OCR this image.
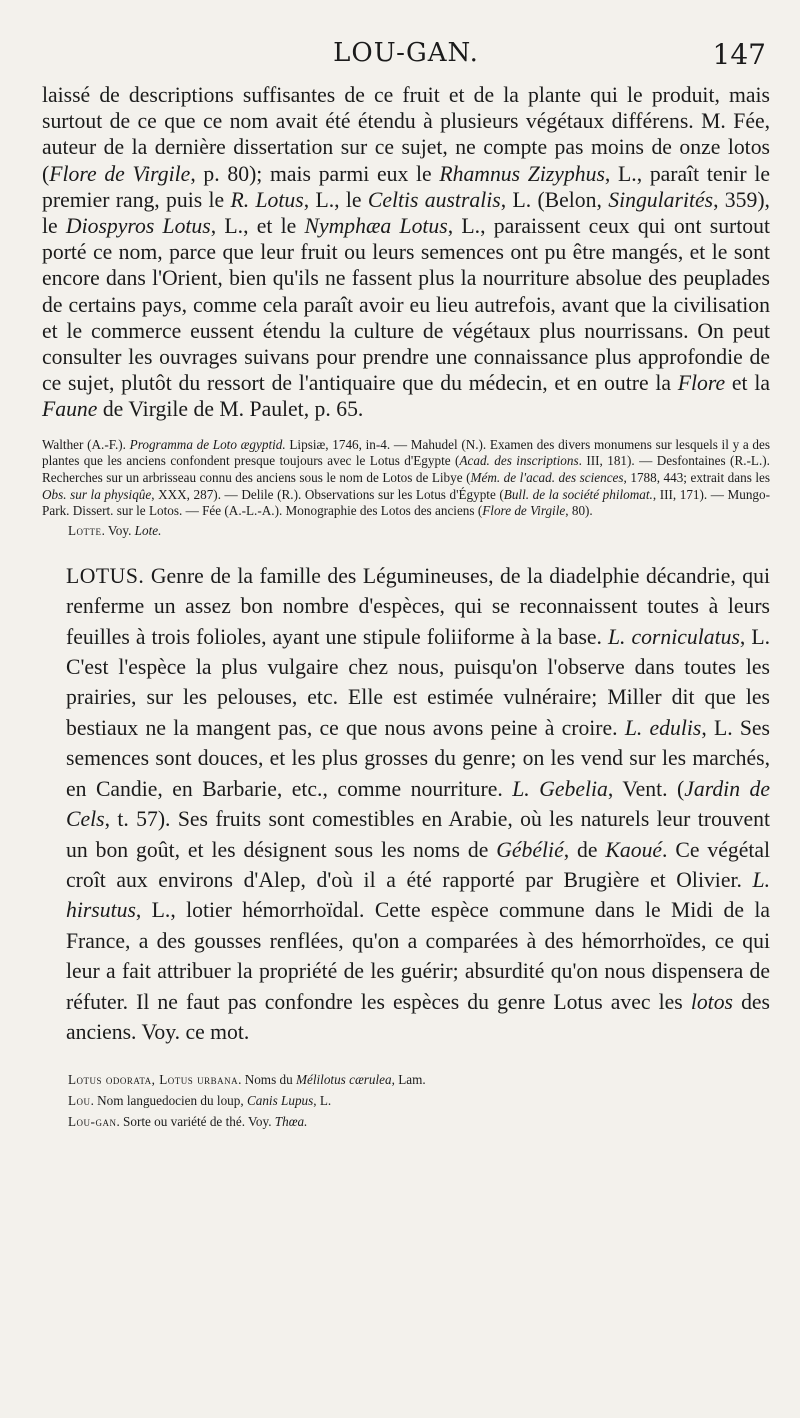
LOU-GAN.	147

laissé de descriptions suffisantes de ce fruit et de la plante qui le produit, mais surtout de ce que ce nom avait été étendu à plusieurs végétaux différens. M. Fée, auteur de la dernière dissertation sur ce sujet, ne compte pas moins de onze lotos (Flore de Virgile, p. 80); mais parmi eux le Rhamnus Zizyphus, L., paraît tenir le premier rang, puis le R. Lotus, L., le Celtis australis, L. (Belon, Singularités, 359), le Diospyros Lotus, L., et le Nymphæa Lotus, L., paraissent ceux qui ont surtout porté ce nom, parce que leur fruit ou leurs semences ont pu être mangés, et le sont encore dans l'Orient, bien qu'ils ne fassent plus la nourriture absolue des peuplades de certains pays, comme cela paraît avoir eu lieu autrefois, avant que la civilisation et le commerce eussent étendu la culture de végétaux plus nourrissans. On peut consulter les ouvrages suivans pour prendre une connaissance plus approfondie de ce sujet, plutôt du ressort de l'antiquaire que du médecin, et en outre la Flore et la Faune de Virgile de M. Paulet, p. 65.

Walther (A.-F.). Programma de Loto ægyptid. Lipsiæ, 1746, in-4. — Mahudel (N.). Examen des divers monumens sur lesquels il y a des plantes que les anciens confondent presque toujours avec le Lotus d'Egypte (Acad. des inscriptions. III, 181). — Desfontaines (R.-L.). Recherches sur un arbrisseau connu des anciens sous le nom de Lotos de Libye (Mém. de l'acad. des sciences, 1788, 443; extrait dans les Obs. sur la physiqûe, XXX, 287). — Delile (R.). Observations sur les Lotus d'Égypte (Bull. de la société philomat., III, 171). — Mungo-Park. Dissert. sur le Lotos. — Fée (A.-L.-A.). Monographie des Lotos des anciens (Flore de Virgile, 80).

Lotte. Voy. Lote.

LOTUS. Genre de la famille des Légumineuses, de la diadelphie décandrie, qui renferme un assez bon nombre d'espèces, qui se reconnaissent toutes à leurs feuilles à trois folioles, ayant une stipule foliiforme à la base. L. corniculatus, L. C'est l'espèce la plus vulgaire chez nous, puisqu'on l'observe dans toutes les prairies, sur les pelouses, etc. Elle est estimée vulnéraire; Miller dit que les bestiaux ne la mangent pas, ce que nous avons peine à croire. L. edulis, L. Ses semences sont douces, et les plus grosses du genre; on les vend sur les marchés, en Candie, en Barbarie, etc., comme nourriture. L. Gebelia, Vent. (Jardin de Cels, t. 57). Ses fruits sont comestibles en Arabie, où les naturels leur trouvent un bon goût, et les désignent sous les noms de Gébélié, de Kaoué. Ce végétal croît aux environs d'Alep, d'où il a été rapporté par Brugière et Olivier. L. hirsutus, L., lotier hémorrhoïdal. Cette espèce commune dans le Midi de la France, a des gousses renflées, qu'on a comparées à des hémorrhoïdes, ce qui leur a fait attribuer la propriété de les guérir; absurdité qu'on nous dispensera de réfuter. Il ne faut pas confondre les espèces du genre Lotus avec les lotos des anciens. Voy. ce mot.

Lotus odorata, Lotus urbana. Noms du Mélilotus cærulea, Lam.

Lou. Nom languedocien du loup, Canis Lupus, L.

Lou-gan. Sorte ou variété de thé. Voy. Thœa.
